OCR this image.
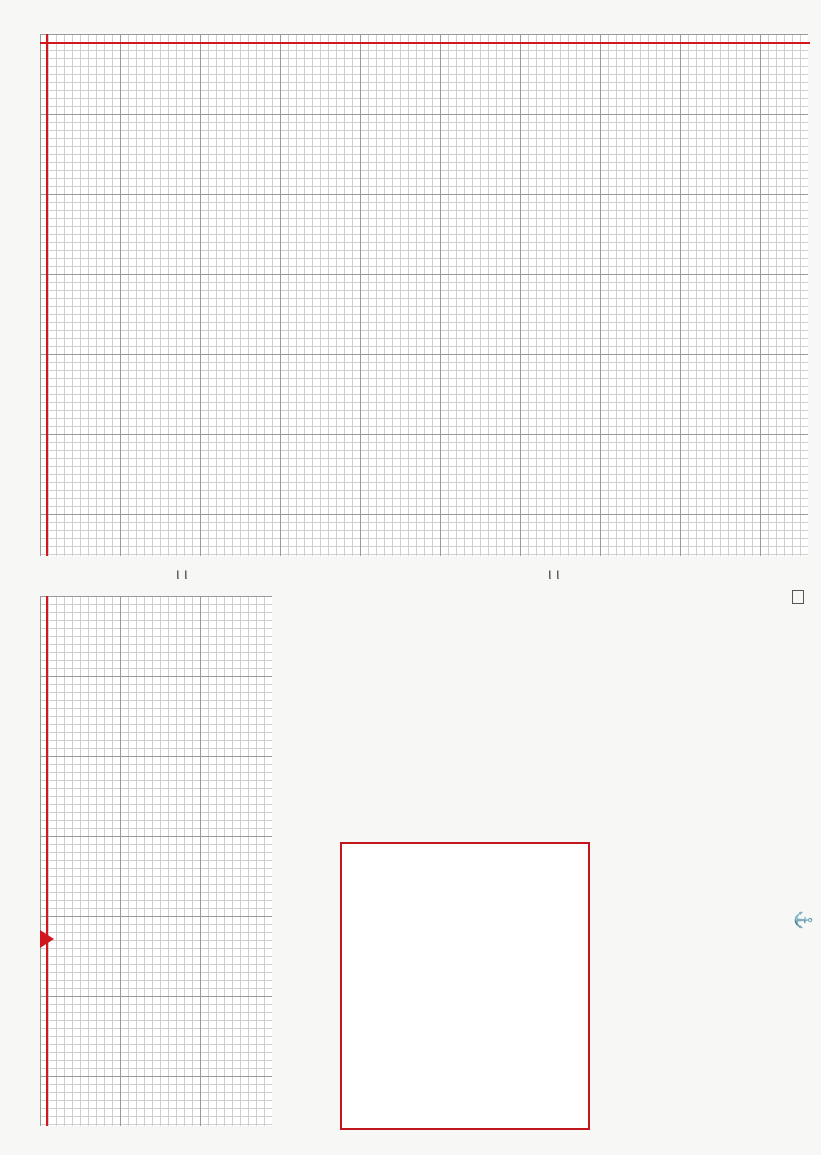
ι ι	ι ι
⚓
